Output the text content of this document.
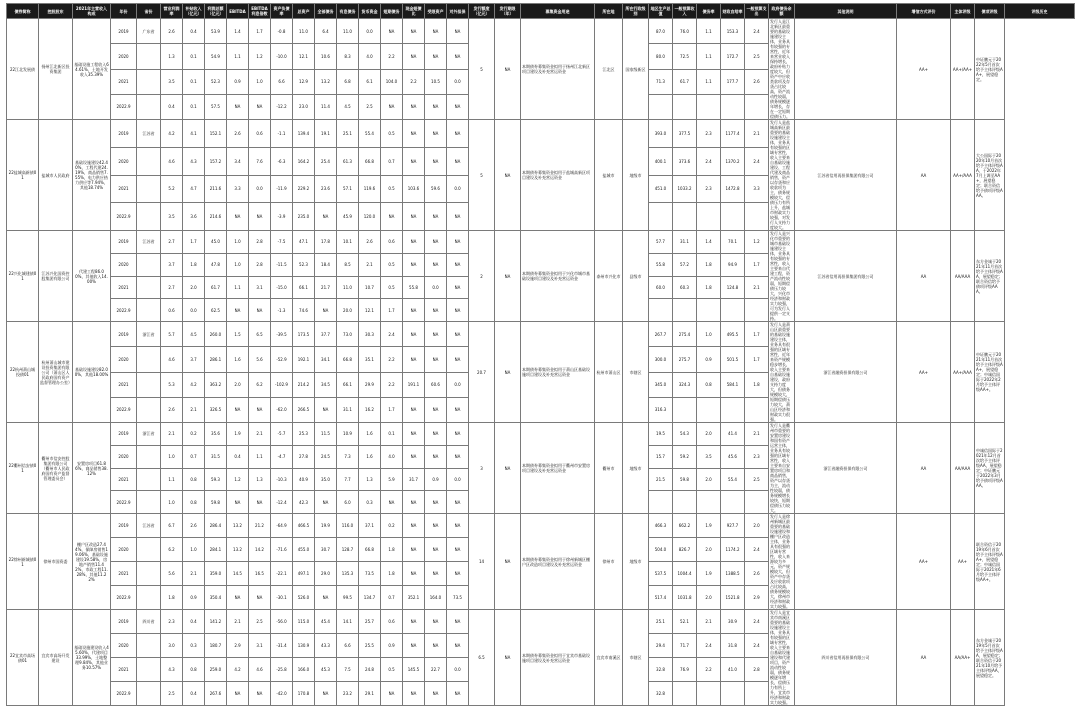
债券简称	控股股东	2021年主营收入构成	年份	省份	营业利润率	补贴收入（亿元）	利润总额（亿元）	EBITDA	EBITDA利息倍数	资产负债率	总资产	全部债务	有息债务	货币资金	短期债务	现金短债比	受限资产	对外担保	发行额度（亿元）	发行期限（年）	募集资金用途	所在地	所在行政级别	地区生产总值	一般预算收入	债务率	财政自给率	一般预算支出	政府债务余额	其他说明	增信方式评价	主体评级	债项评级	评级历史
22江北发展债	扬州江北新区投资集团	基础设施工程收入64.61%，土地开发收入35.39%	2019	广东省	2.6	0.4	53.9	1.4	1.7	-0.8	11.0	6.4	11.0	0.0	NA	NA	NA	NA	5	NA	本期债券募集资金拟用于扬州江北新区项目建设及补充营运资金	江北区	国家级新区	87.0	76.0	1.1	153.3	2.4	发行人是江北新区最重要的基础设施建设主体，业务具有较强的专营性，近年来营业收入保持增长，政府补贴力度较大，但资产中应收类款项及存货占比较高，资产流动性较弱，债务规模逐年增长，存在一定短期偿债压力。		AA+	AA+/AA+	中证鹏元于2022年5月首次给予主体评级AA+，展望稳定。	
			2020		1.3	0.1	54.9	1.1	1.2	-10.0	12.1	10.6	8.3	4.0	2.2	NA	NA	NA						80.0	72.5	1.1	172.7	2.5						
			2021		3.5	0.1	52.3	0.9	1.0	6.6	12.9	13.2	6.8	6.1	104.0	2.2	10.5	0.0						71.3	61.7	1.1	177.7	2.6						
			2022.9		0.4	0.1	57.5	NA	NA	-12.2	23.0	11.4	4.5	2.5	NA	NA	NA	NA																
22盐城高新债01	盐城市人民政府	基础设施建设42.40%，工程代建24.19%，商品销售7.55%，电力供应热力供应等7.94%，其他18.74%	2019	江苏省	4.2	4.1	152.1	2.6	0.6	-1.1	139.4	19.1	25.1	55.4	0.5	NA	NA	NA	5	NA	本期债券募集资金拟用于盐城高新区项目建设及补充营运资金	盐城市	地级市	393.0	377.5	2.3	1177.4	2.1	发行人是盐城高新区最重要的基础设施建设主体，业务具有较强的区域专营性，收入主要来自基础设施建设、工程代建及商品销售，资产以存货和应收款项为主，债务规模较大，偿债压力有所上升，盐城市财政实力较强，对发行人支持力度较大。	江苏省信用再担保集团有限公司	AA	AA+/AAA	大公国际于2020年10月首次给予主体评级AA，于2022年7月上调至AA+，展望稳定；联合资信给予债项评级AAA。	
			2020		4.6	4.3	157.2	3.4	7.6	-6.3	164.2	25.4	61.3	66.8	0.7	NA	NA	NA						400.1	373.6	2.4	1370.2	2.4						
			2021		5.2	4.7	211.6	3.3	0.0	-11.9	229.2	23.6	57.1	119.6	0.5	103.6	59.6	0.0						451.0	1033.2	2.3	1472.8	3.3						
			2022.9		3.5	3.6	214.6	NA	NA	-3.9	235.0	NA	45.9	120.0	NA	NA	NA	NA																
22兴化城建债01	江苏兴化国资控股集团有限公司	代建工程86.00%，其他收入14.00%	2019	江苏省	2.7	1.7	45.0	1.0	2.8	-7.5	47.1	17.8	10.1	2.6	0.6	NA	NA	NA	2	NA	本期债券募集资金拟用于兴化市城市基础设施项目建设及补充营运资金	泰州市兴化市	县级市	57.7	31.1	1.4	70.1	1.2	发行人是兴化市重要的城市基础设施建设主体，业务具有较强的专营性，收入主要来自代建工程，资产流动性较弱，短期偿债压力较大，兴化市经济和财政实力较强，可为发行人提供一定支持。	江苏省信用再担保集团有限公司	AA	AA/AAA	东方金诚于2021年11月首次给予主体评级AA，展望稳定；联合资信给予债项评级AAA。	
			2020		3.7	1.8	47.8	1.0	2.8	-11.5	52.3	18.4	8.5	2.1	0.5	NA	NA	NA						55.8	57.2	1.8	94.9	1.7						
			2021		2.7	2.0	61.7	1.1	3.1	-15.0	66.1	21.7	11.0	10.7	0.5	55.8	0.0	NA						60.0	60.3	1.8	124.8	2.1						
			2022.9		0.6	0.0	62.5	NA	NA	-1.3	74.6	NA	20.0	12.1	1.7	NA	NA	NA																
22杭州萧山城投债01	杭州萧山城市建设投资集团有限公司（萧山区人民政府国有资产监督管理办公室）	基础设施建设82.00%，其他18.00%	2019	浙江省	5.7	4.5	260.0	1.5	6.5	-39.5	173.5	37.7	73.0	30.3	2.4	NA	NA	NA	20.7	NA	本期债券募集资金拟用于萧山区基础设施项目建设及补充营运资金	杭州市萧山区	市辖区	267.7	275.4	1.0	495.5	1.7	发行人是萧山区最重要的基础设施建设主体，业务具有很强的区域专营性，近年来资产规模稳步增长，收入主要来自基础设施建设，政府支持力度大，但债务规模较大，短期偿债压力较大，萧山区经济和财政实力很强。	浙江省融资担保有限公司	AA+	AA+/AAA	中证鹏元于2021年11月首次给予主体评级AA+，展望稳定；中诚信国际于2022年2月给予主体评级AA+。	
			2020		4.6	3.7	286.1	1.6	5.6	-52.9	192.1	34.1	66.8	35.1	2.2	NA	NA	NA						300.0	275.7	0.9	501.5	1.7						
			2021		5.3	4.2	363.2	2.0	6.2	-102.9	214.2	34.5	66.1	29.9	2.2	191.1	60.6	0.0						345.0	324.3	0.8	584.1	1.8						
			2022.9		2.6	2.1	326.5	NA	NA	-62.0	266.5	NA	31.1	16.2	1.7	NA	NA	NA						316.3										
22衢州信安债01	衢州市信安控股集团有限公司（衢州市人民政府国有资产监督管理委员会）	安置房项目61.86%，商品销售38.12%	2019	浙江省	2.1	0.2	35.6	1.9	2.1	-5.7	25.3	11.5	10.9	1.6	0.1	NA	NA	NA	3	NA	本期债券募集资金拟用于衢州市安置房项目建设及补充营运资金	衢州市	地级市	19.5	54.3	2.0	41.4	2.1	发行人是衢州市重要的安置房建设和国有资产运营主体，业务具有较强的区域专营性，收入主要来自安置房项目和商品销售，资产以存货为主，流动性较弱，债务规模增长较快，短期偿债压力较大。	浙江省融资担保有限公司	AA	AA/AAA	中诚信国际于2021年12月首次给予主体评级AA，展望稳定；中证鹏元于2022年3月给予债项评级AAA。	
			2020		1.0	0.7	31.5	0.4	1.1	-4.7	27.8	24.5	7.3	1.6	4.0	NA	NA	NA						15.7	59.2	3.5	45.6	2.3						
			2021		1.1	0.8	59.3	1.2	1.3	-10.3	40.9	35.0	7.7	1.3	5.9	31.7	0.9	0.0						21.5	59.8	2.0	55.4	2.5						
			2022.9		1.0	0.8	59.8	NA	NA	-12.4	42.3	NA	6.0	0.3	NA	NA	NA	NA																
22徐州新城债01	徐州市国资委	棚户区改造27.44%，保障房销售19.06%，基础设施建设19.58%，房地产销售11.42%，市政工程11.28%，其他11.22%	2019	江苏省	6.7	2.6	286.4	13.2	21.2	-64.9	466.5	19.9	116.0	37.1	0.2	NA	NA	NA	14	NA	本期债券募集资金拟用于徐州新城区棚户区改造项目建设及补充营运资金	徐州市	地级市	466.3	662.2	1.9	927.7	2.0	发行人是徐州新城区最重要的基础设施建设和棚户区改造主体，业务具有很强的区域专营性，收入来源较为多元，资产规模较大，但资产中存货及应收款项占比较高，债务规模较大，徐州市经济和财政实力较强。		AA+	AA+	联合资信于2019年6月首次给予主体评级AA+，展望稳定；中诚信国际于2021年6月给予主体评级AA+。	
			2020		6.2	1.0	284.1	13.2	14.2	-71.6	455.0	30.7	128.7	66.8	1.8	NA	NA	NA						504.0	826.7	2.0	1174.2	2.4						
			2021		5.6	2.1	359.0	14.5	16.5	-22.1	497.1	29.0	135.3	73.5	1.8	NA	NA	NA						537.5	1004.4	1.9	1388.5	2.6						
			2022.9		1.8	0.9	350.4	NA	NA	-30.1	526.0	NA	99.5	134.7	0.7	352.1	164.0	73.5						517.4	1031.8	2.0	1521.8	2.9						
22宜宾市高场债01	宜宾市高场开发建设	基础设施建设收入45.60%，代建项目33.99%，土地整理9.84%，其他业务10.57%	2019	四川省	2.3	0.4	141.2	2.1	2.5	-56.0	115.0	45.4	14.1	25.7	0.6	NA	NA	NA	6.5	NA	本期债券募集资金拟用于宜宾市基础设施项目建设及补充营运资金	宜宾市南溪区	市辖区	25.1	52.1	2.1	30.9	2.4	发行人是宜宾市南溪区重要的基础设施建设主体，业务具有较强的区域专营性，收入主要来自基础设施建设和代建项目，资产流动性较弱，债务规模逐年增长，偿债压力有所上升，宜宾市经济和财政实力较强。	四川省信用再担保有限公司	AA	AA/AA+	东方金诚于2019年5月首次给予主体评级AA，展望稳定；联合资信于2021年10月给予主体评级AA，展望稳定。	
			2020		3.0	0.3	180.7	2.9	3.1	-31.4	130.9	43.3	6.6	25.5	0.9	NA	NA	NA						29.4	71.7	2.4	31.8	2.4						
			2021		4.3	0.8	259.0	4.2	4.6	-25.8	166.0	45.3	7.5	24.8	0.5	145.5	22.7	0.0						32.8	76.9	2.2	41.0	2.8						
			2022.9		2.5	0.4	267.6	NA	NA	-42.0	170.8	NA	23.2	29.1	NA	NA	NA	NA						32.8										
